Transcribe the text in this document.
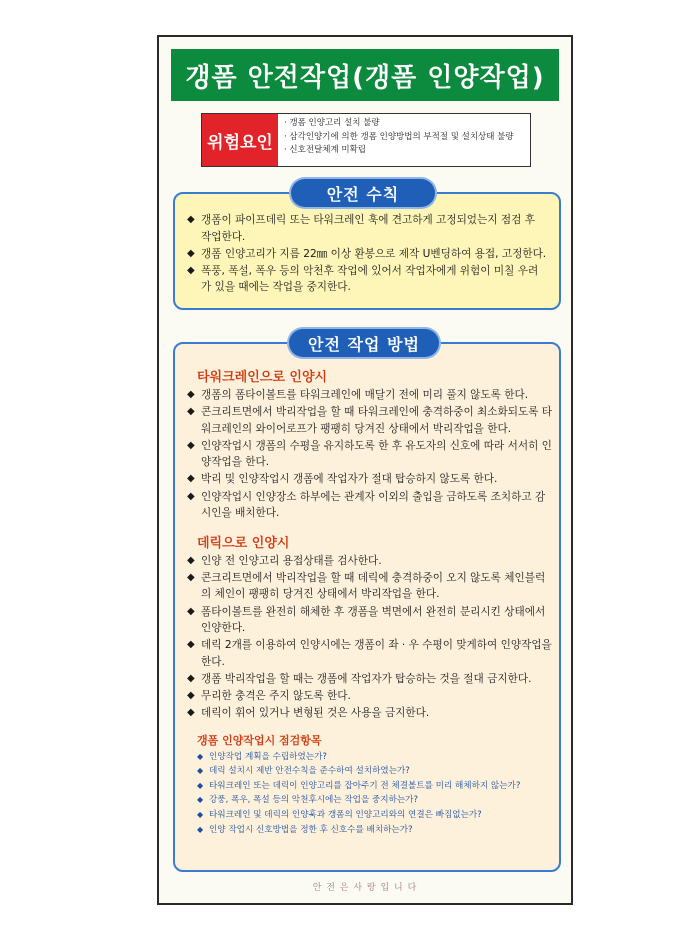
갱폼 안전작업(갱폼 인양작업)
위험요인
· 갱폼 인양고리 설치 불량
· 삼각인양기에 의한 갱폼 인양방법의 부적절 및 설치상태 불량
· 신호전달체계 미확립
안전 수칙
◆ 갱폼이 파이프데릭 또는 타워크레인 훅에 견고하게 고정되었는지 점검 후 작업한다.
◆ 갱폼 인양고리가 지름 22㎜ 이상 환봉으로 제작 U벤딩하여 용접, 고정한다.
◆ 폭풍, 폭설, 폭우 등의 악천후 작업에 있어서 작업자에게 위험이 미칠 우려가 있을 때에는 작업을 중지한다.
안전 작업 방법
타워크레인으로 인양시
◆ 갱폼의 폼타이볼트를 타워크레인에 매달기 전에 미리 풀지 않도록 한다.
◆ 콘크리트면에서 박리작업을 할 때 타워크레인에 충격하중이 최소화되도록 타워크레인의 와이어로프가 팽팽히 당겨진 상태에서 박리작업을 한다.
◆ 인양작업시 갱폼의 수평을 유지하도록 한 후 유도자의 신호에 따라 서서히 인양작업을 한다.
◆ 박리 및 인양작업시 갱폼에 작업자가 절대 탑승하지 않도록 한다.
◆ 인양작업시 인양장소 하부에는 관계자 이외의 출입을 금하도록 조치하고 감시인을 배치한다.
데릭으로 인양시
◆ 인양 전 인양고리 용접상태를 검사한다.
◆ 콘크리트면에서 박리작업을 할 때 데릭에 충격하중이 오지 않도록 체인블럭의 체인이 팽팽히 당겨진 상태에서 박리작업을 한다.
◆ 폼타이볼트를 완전히 해체한 후 갱폼을 벽면에서 완전히 분리시킨 상태에서 인양한다.
◆ 데릭 2개를 이용하여 인양시에는 갱폼이 좌 · 우 수평이 맞게하여 인양작업을 한다.
◆ 갱폼 박리작업을 할 때는 갱폼에 작업자가 탑승하는 것을 절대 금지한다.
◆ 무리한 충격은 주지 않도록 한다.
◆ 데릭이 휘어 있거나 변형된 것은 사용을 금지한다.
갱폼 인양작업시 점검항목
◆ 인양작업 계획을 수립하였는가?
◆ 데릭 설치시 제반 안전수칙을 준수하여 설치하였는가?
◆ 타워크레인 또는 데릭이 인양고리를 잡아주기 전 체결볼트를 미리 해체하지 않는가?
◆ 강풍, 폭우, 폭설 등의 악천후시에는 작업을 중지하는가?
◆ 타워크레인 및 데릭의 인양훅과 갱폼의 인양고리와의 연결은 빠짐없는가?
◆ 인양 작업시 신호방법을 정한 후 신호수를 배치하는가?
안 전 은 사 랑 입 니 다
